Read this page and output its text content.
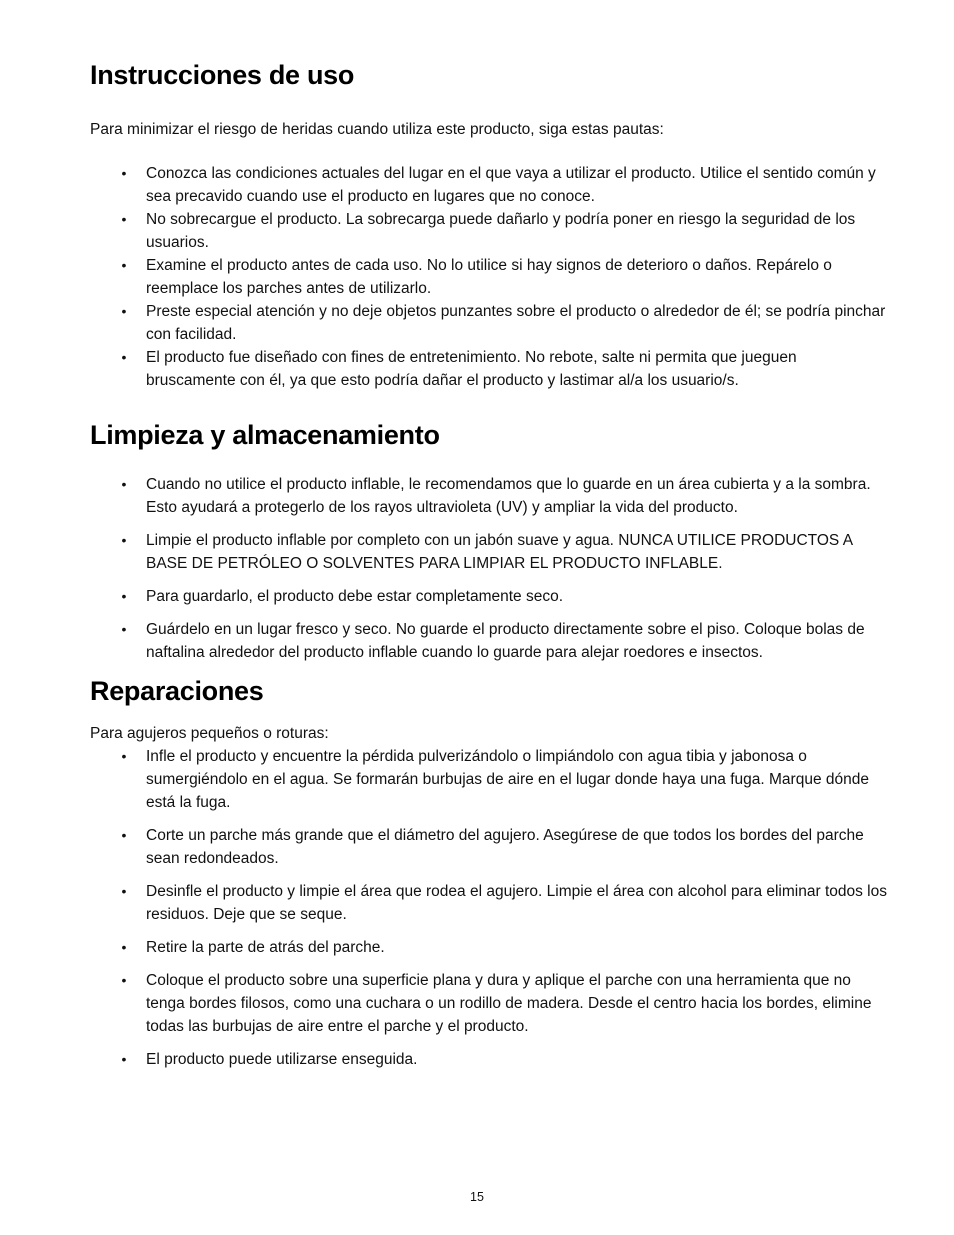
Instrucciones de uso

Para minimizar el riesgo de heridas cuando utiliza este producto, siga estas pautas:

• Conozca las condiciones actuales del lugar en el que vaya a utilizar el producto. Utilice el sentido común y sea precavido cuando use el producto en lugares que no conoce.
• No sobrecargue el producto. La sobrecarga puede dañarlo y podría poner en riesgo la seguridad de los usuarios.
• Examine el producto antes de cada uso. No lo utilice si hay signos de deterioro o daños. Repárelo o reemplace los parches antes de utilizarlo.
• Preste especial atención y no deje objetos punzantes sobre el producto o alrededor de él; se podría pinchar con facilidad.
• El producto fue diseñado con fines de entretenimiento. No rebote, salte ni permita que jueguen bruscamente con él, ya que esto podría dañar el producto y lastimar al/a los usuario/s.
Limpieza y almacenamiento
• Cuando no utilice el producto inflable, le recomendamos que lo guarde en un área cubierta y a la sombra. Esto ayudará a protegerlo de los rayos ultravioleta (UV) y ampliar la vida del producto.
• Limpie el producto inflable por completo con un jabón suave y agua. NUNCA UTILICE PRODUCTOS A BASE DE PETRÓLEO O SOLVENTES PARA LIMPIAR EL PRODUCTO INFLABLE.
• Para guardarlo, el producto debe estar completamente seco.
• Guárdelo en un lugar fresco y seco. No guarde el producto directamente sobre el piso. Coloque bolas de naftalina alrededor del producto inflable cuando lo guarde para alejar roedores e insectos.
Reparaciones

Para agujeros pequeños o roturas:

• Infle el producto y encuentre la pérdida pulverizándolo o limpiándolo con agua tibia y jabonosa o sumergiéndolo en el agua. Se formarán burbujas de aire en el lugar donde haya una fuga. Marque dónde está la fuga.
• Corte un parche más grande que el diámetro del agujero. Asegúrese de que todos los bordes del parche sean redondeados.
• Desinfle el producto y limpie el área que rodea el agujero. Limpie el área con alcohol para eliminar todos los residuos. Deje que se seque.
• Retire la parte de atrás del parche.
• Coloque el producto sobre una superficie plana y dura y aplique el parche con una herramienta que no tenga bordes filosos, como una cuchara o un rodillo de madera. Desde el centro hacia los bordes, elimine todas las burbujas de aire entre el parche y el producto.
• El producto puede utilizarse enseguida.
15
